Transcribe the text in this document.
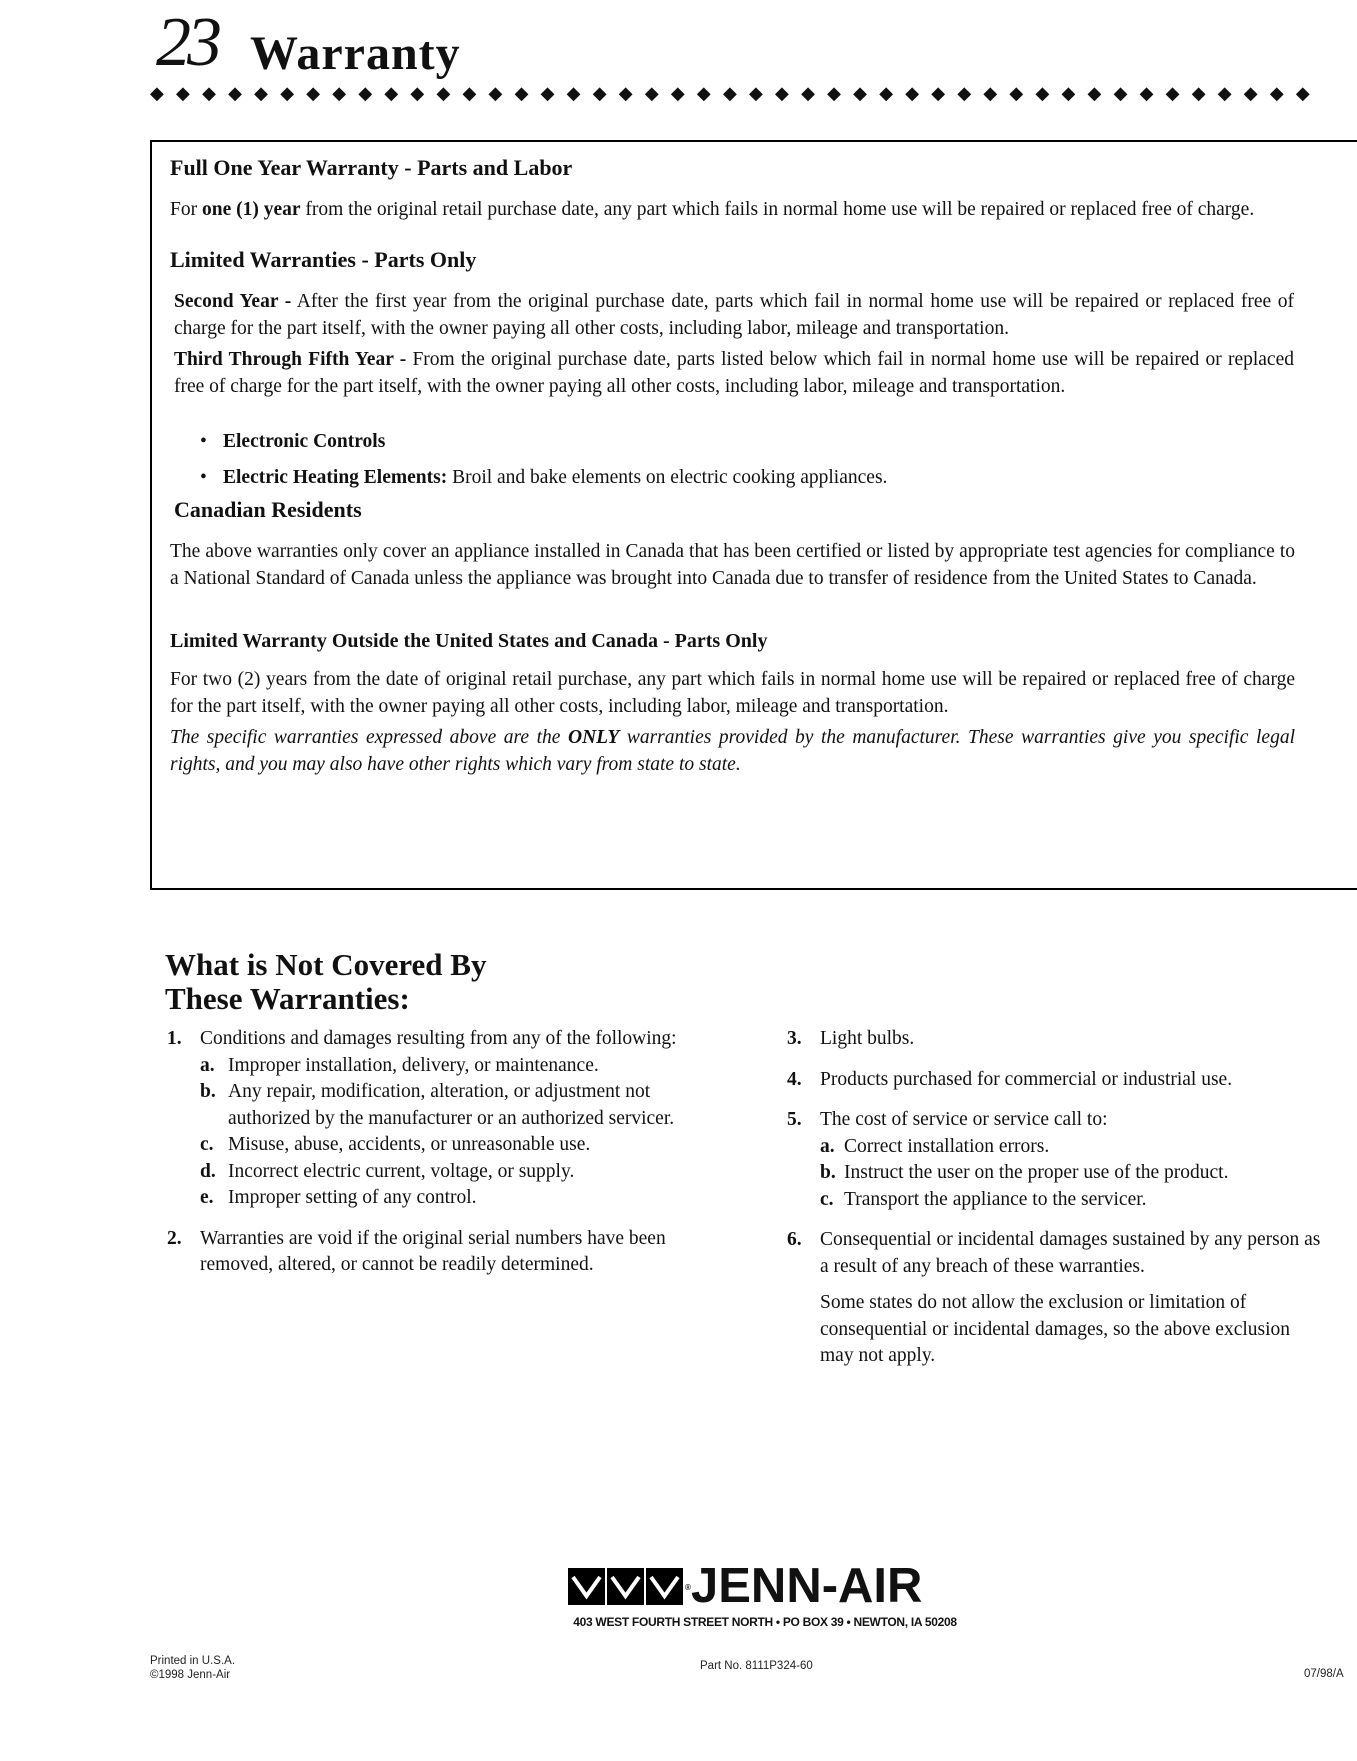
23 Warranty
◆◆◆◆◆◆◆◆◆◆◆◆◆◆◆◆◆◆◆◆◆◆◆◆◆◆◆◆◆◆◆◆◆◆◆◆◆◆◆◆◆◆◆◆◆
Full One Year Warranty - Parts and Labor
For one (1) year from the original retail purchase date, any part which fails in normal home use will be repaired or replaced free of charge.
Limited Warranties - Parts Only
Second Year - After the first year from the original purchase date, parts which fail in normal home use will be repaired or replaced free of charge for the part itself, with the owner paying all other costs, including labor, mileage and transportation.
Third Through Fifth Year - From the original purchase date, parts listed below which fail in normal home use will be repaired or replaced free of charge for the part itself, with the owner paying all other costs, including labor, mileage and transportation.
• Electronic Controls
• Electric Heating Elements: Broil and bake elements on electric cooking appliances.
Canadian Residents
The above warranties only cover an appliance installed in Canada that has been certified or listed by appropriate test agencies for compliance to a National Standard of Canada unless the appliance was brought into Canada due to transfer of residence from the United States to Canada.
Limited Warranty Outside the United States and Canada - Parts Only
For two (2) years from the date of original retail purchase, any part which fails in normal home use will be repaired or replaced free of charge for the part itself, with the owner paying all other costs, including labor, mileage and transportation.
The specific warranties expressed above are the ONLY warranties provided by the manufacturer. These warranties give you specific legal rights, and you may also have other rights which vary from state to state.
What is Not Covered By
These Warranties:
1. Conditions and damages resulting from any of the following:
a. Improper installation, delivery, or maintenance.
b. Any repair, modification, alteration, or adjustment not authorized by the manufacturer or an authorized servicer.
c. Misuse, abuse, accidents, or unreasonable use.
d. Incorrect electric current, voltage, or supply.
e. Improper setting of any control.
2. Warranties are void if the original serial numbers have been removed, altered, or cannot be readily determined.
3. Light bulbs.
4. Products purchased for commercial or industrial use.
5. The cost of service or service call to:
a. Correct installation errors.
b. Instruct the user on the proper use of the product.
c. Transport the appliance to the servicer.
6. Consequential or incidental damages sustained by any person as a result of any breach of these warranties.
Some states do not allow the exclusion or limitation of consequential or incidental damages, so the above exclusion may not apply.
® JENN-AIR
403 WEST FOURTH STREET NORTH • PO BOX 39 • NEWTON, IA 50208
Printed in U.S.A.
©1998 Jenn-Air
Part No. 8111P324-60
07/98/A
